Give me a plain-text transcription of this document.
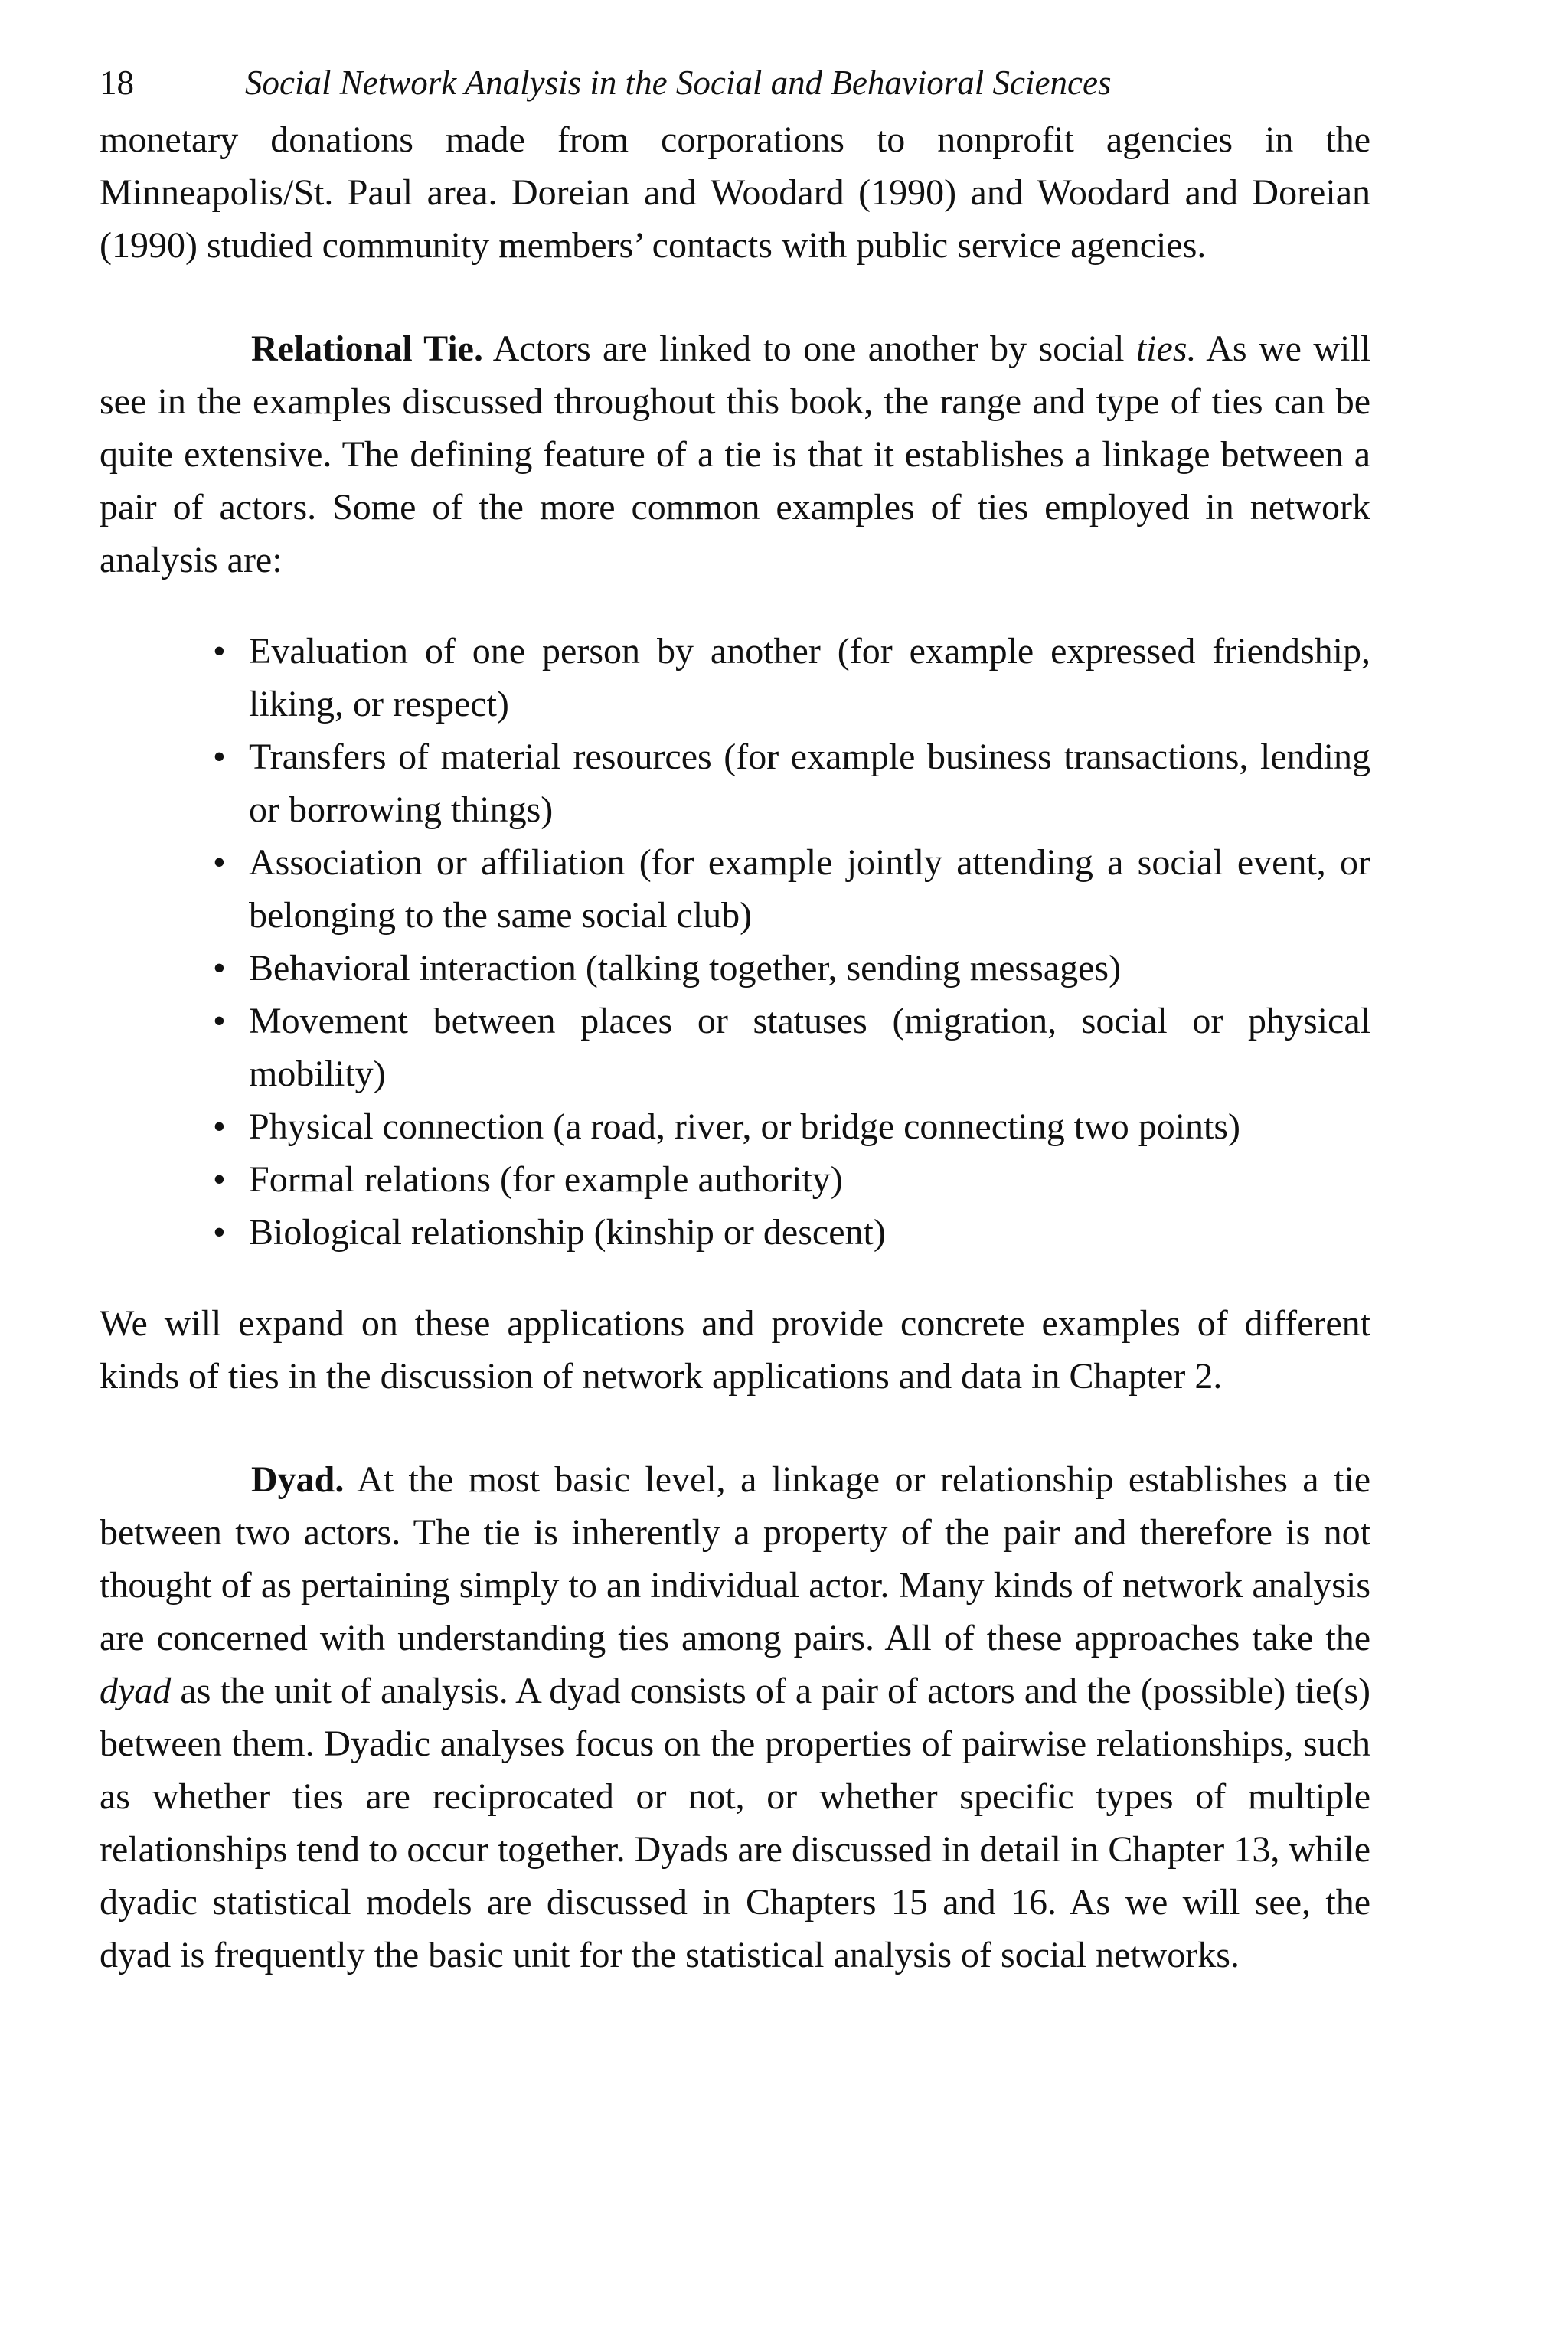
18	Social Network Analysis in the Social and Behavioral Sciences

monetary donations made from corporations to nonprofit agencies in the Minneapolis/St. Paul area. Doreian and Woodard (1990) and Woodard and Doreian (1990) studied community members’ contacts with public service agencies.

Relational Tie. Actors are linked to one another by social ties. As we will see in the examples discussed throughout this book, the range and type of ties can be quite extensive. The defining feature of a tie is that it establishes a linkage between a pair of actors. Some of the more common examples of ties employed in network analysis are:

• Evaluation of one person by another (for example expressed friendship, liking, or respect)
• Transfers of material resources (for example business transactions, lending or borrowing things)
• Association or affiliation (for example jointly attending a social event, or belonging to the same social club)
• Behavioral interaction (talking together, sending messages)
• Movement between places or statuses (migration, social or physical mobility)
• Physical connection (a road, river, or bridge connecting two points)
• Formal relations (for example authority)
• Biological relationship (kinship or descent)

We will expand on these applications and provide concrete examples of different kinds of ties in the discussion of network applications and data in Chapter 2.

Dyad. At the most basic level, a linkage or relationship establishes a tie between two actors. The tie is inherently a property of the pair and therefore is not thought of as pertaining simply to an individual actor. Many kinds of network analysis are concerned with understanding ties among pairs. All of these approaches take the dyad as the unit of analysis. A dyad consists of a pair of actors and the (possible) tie(s) between them. Dyadic analyses focus on the properties of pairwise relationships, such as whether ties are reciprocated or not, or whether specific types of multiple relationships tend to occur together. Dyads are discussed in detail in Chapter 13, while dyadic statistical models are discussed in Chapters 15 and 16. As we will see, the dyad is frequently the basic unit for the statistical analysis of social networks.
